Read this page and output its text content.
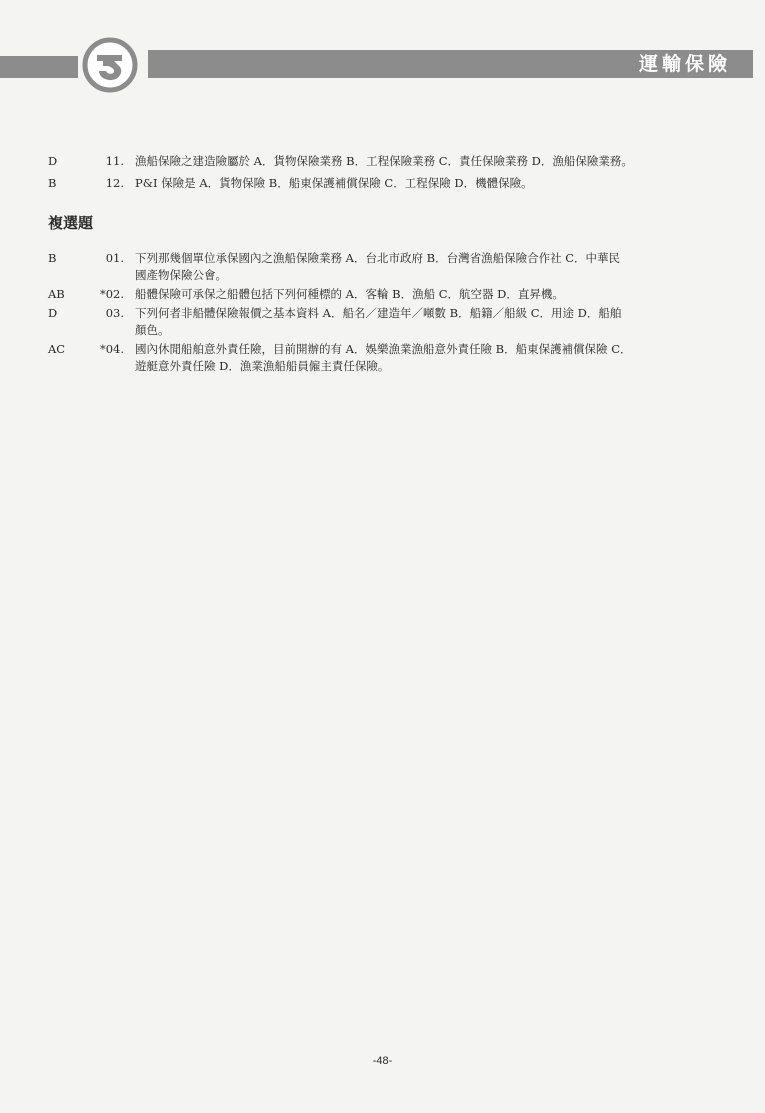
運輸保險
D	11. 漁船保險之建造險屬於 A．貨物保險業務 B．工程保險業務 C．責任保險業務 D．漁船保險業務。
B	12. P&I 保險是 A．貨物保險 B．船東保護補償保險 C．工程保險 D．機體保險。
複選題
B	01. 下列那幾個單位承保國內之漁船保險業務 A．台北市政府 B．台灣省漁船保險合作社 C．中華民
國產物保險公會。
AB	*02. 船體保險可承保之船體包括下列何種標的 A．客輪 B．漁船 C．航空器 D．直昇機。
D	03. 下列何者非船體保險報價之基本資料 A．船名／建造年／噸數 B．船籍／船級 C．用途 D．船舶
顏色。
AC	*04. 國內休閒船舶意外責任險，目前開辦的有 A．娛樂漁業漁船意外責任險 B．船東保護補償保險 C．
遊艇意外責任險 D．漁業漁船船員僱主責任保險。
-48-
